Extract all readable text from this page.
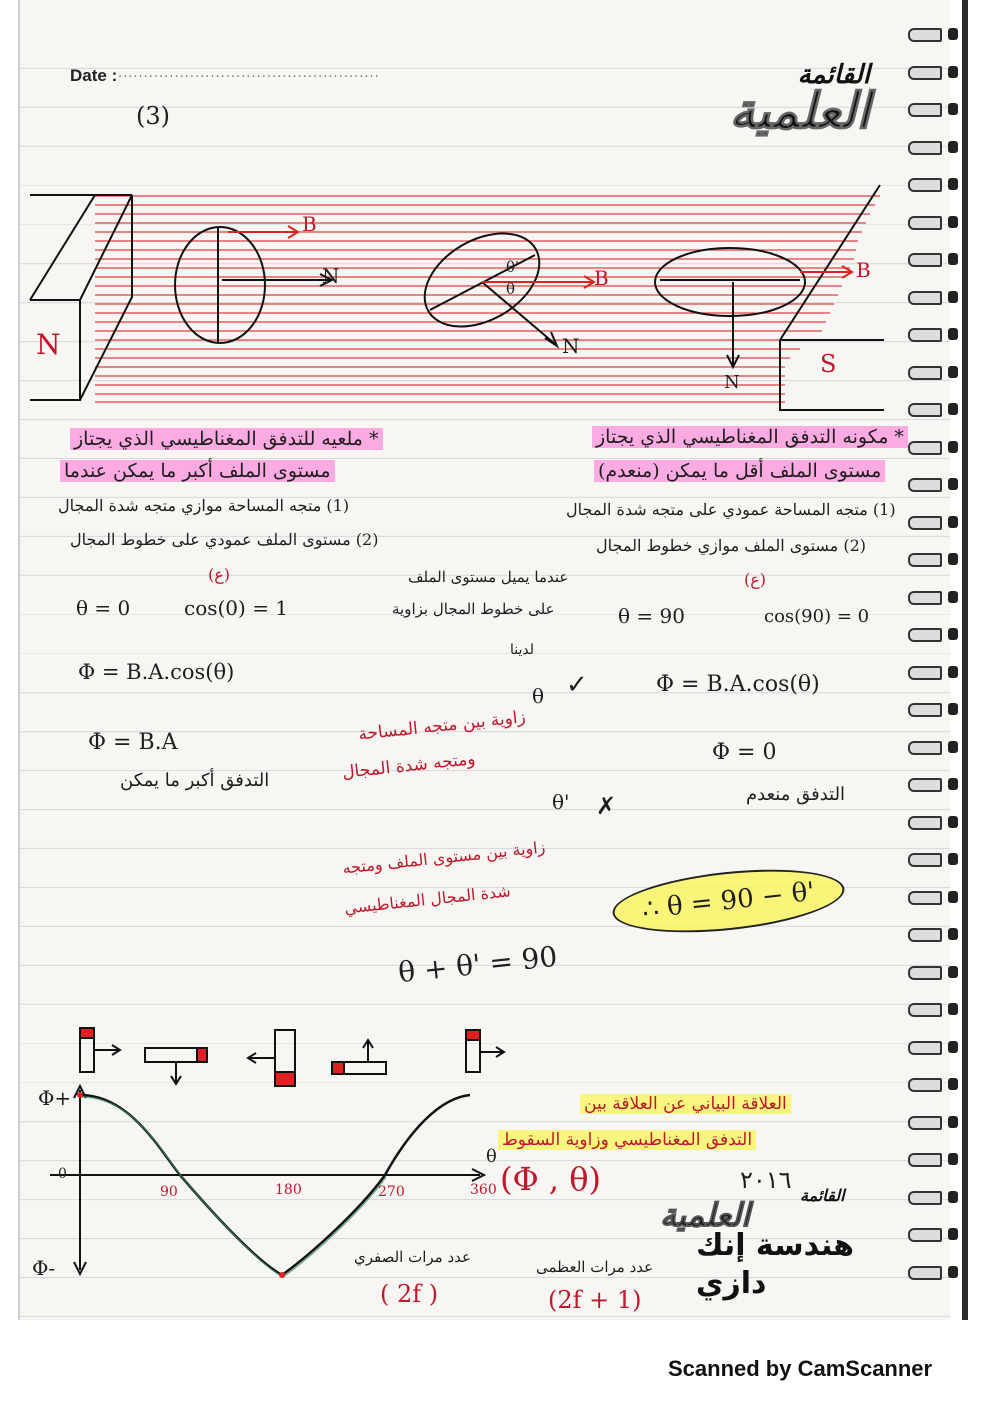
Date : ...................................................
(3)
القائمة
العلمية
N
S
B
B	B
N
N
N
θ'
θ
* ملعيه للتدفق المغناطيسي الذي يجتاز
مستوى الملف أكبر ما يمكن عندما
(1) متجه المساحة موازي متجه شدة المجال
(2) مستوى الملف عمودي على خطوط المجال
(ع)
θ = 0	cos(0) = 1
Φ = B.A.cos(θ)
Φ = B.A
التدفق أكبر ما يمكن
* مكونه التدفق المغناطيسي الذي يجتاز
مستوى الملف أقل ما يمكن (منعدم)
(1) متجه المساحة عمودي على متجه شدة المجال
(2) مستوى الملف موازي خطوط المجال
(ع)
θ = 90	cos(90) = 0
Φ = B.A.cos(θ)
Φ = 0
التدفق منعدم
عندما يميل مستوى الملف
على خطوط المجال بزاوية
لدينا
θ ✓
زاوية بين متجه المساحة
ومتجه شدة المجال
θ' ✗
زاوية بين مستوى الملف ومتجه
شدة المجال المغناطيسي
θ + θ' = 90
∴ θ = 90 − θ'
Φ+
Φ-
θ
0
90	180	270	360 (Φ , θ)
العلاقة البياني عن العلاقة بين
التدفق المغناطيسي وزاوية السقوط
عدد مرات الصفري
( 2f )
عدد مرات العظمى
(2f + 1)
٢٠١٦
القائمة
العلمية
هندسة إنك
دازي
Scanned by CamScanner
